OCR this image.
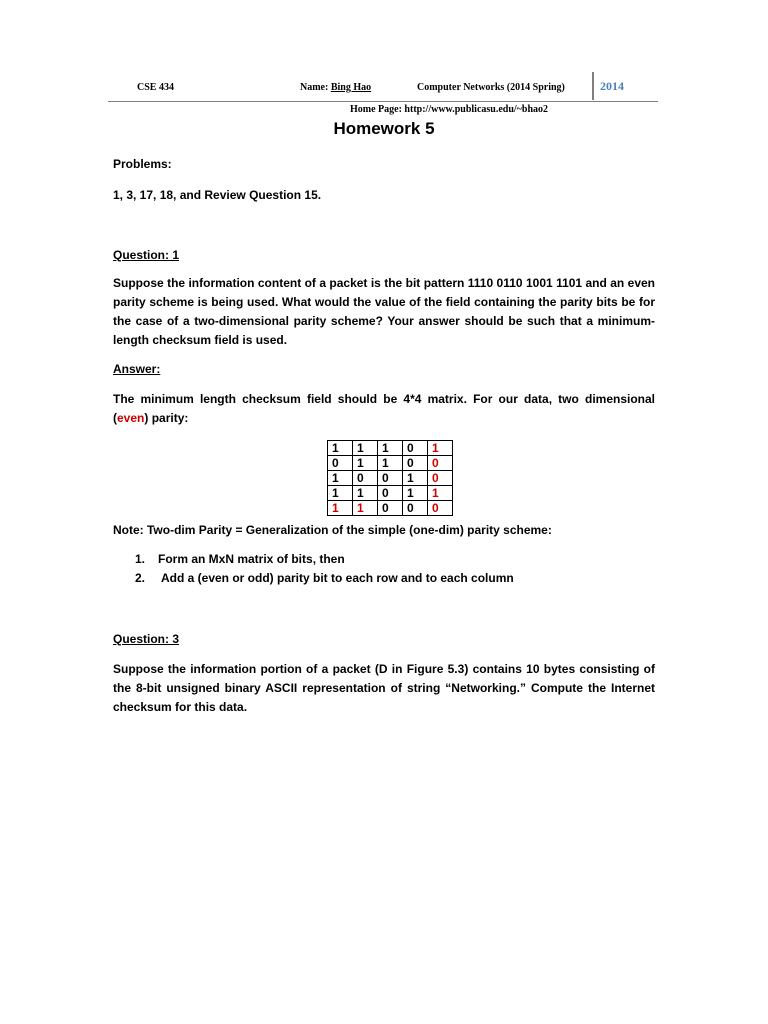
CSE 434	Name: Bing Hao	Computer Networks (2014 Spring)	2014
Home Page: http://www.publicasu.edu/~bhao2
Homework 5
Problems:
1, 3, 17, 18, and Review Question 15.
Question: 1
Suppose the information content of a packet is the bit pattern 1110 0110 1001 1101 and an even parity scheme is being used. What would the value of the field containing the parity bits be for the case of a two-dimensional parity scheme? Your answer should be such that a minimum-length checksum field is used.
Answer:
The minimum length checksum field should be 4*4 matrix. For our data, two dimensional (even) parity:
1	1	1	0	1
0	1	1	0	0
1	0	0	1	0
1	1	0	1	1
1	1	0	0	0
Note: Two-dim Parity = Generalization of the simple (one-dim) parity scheme:
1. Form an MxN matrix of bits, then
2. Add a (even or odd) parity bit to each row and to each column
Question: 3
Suppose the information portion of a packet (D in Figure 5.3) contains 10 bytes consisting of the 8-bit unsigned binary ASCII representation of string “Networking.” Compute the Internet checksum for this data.
